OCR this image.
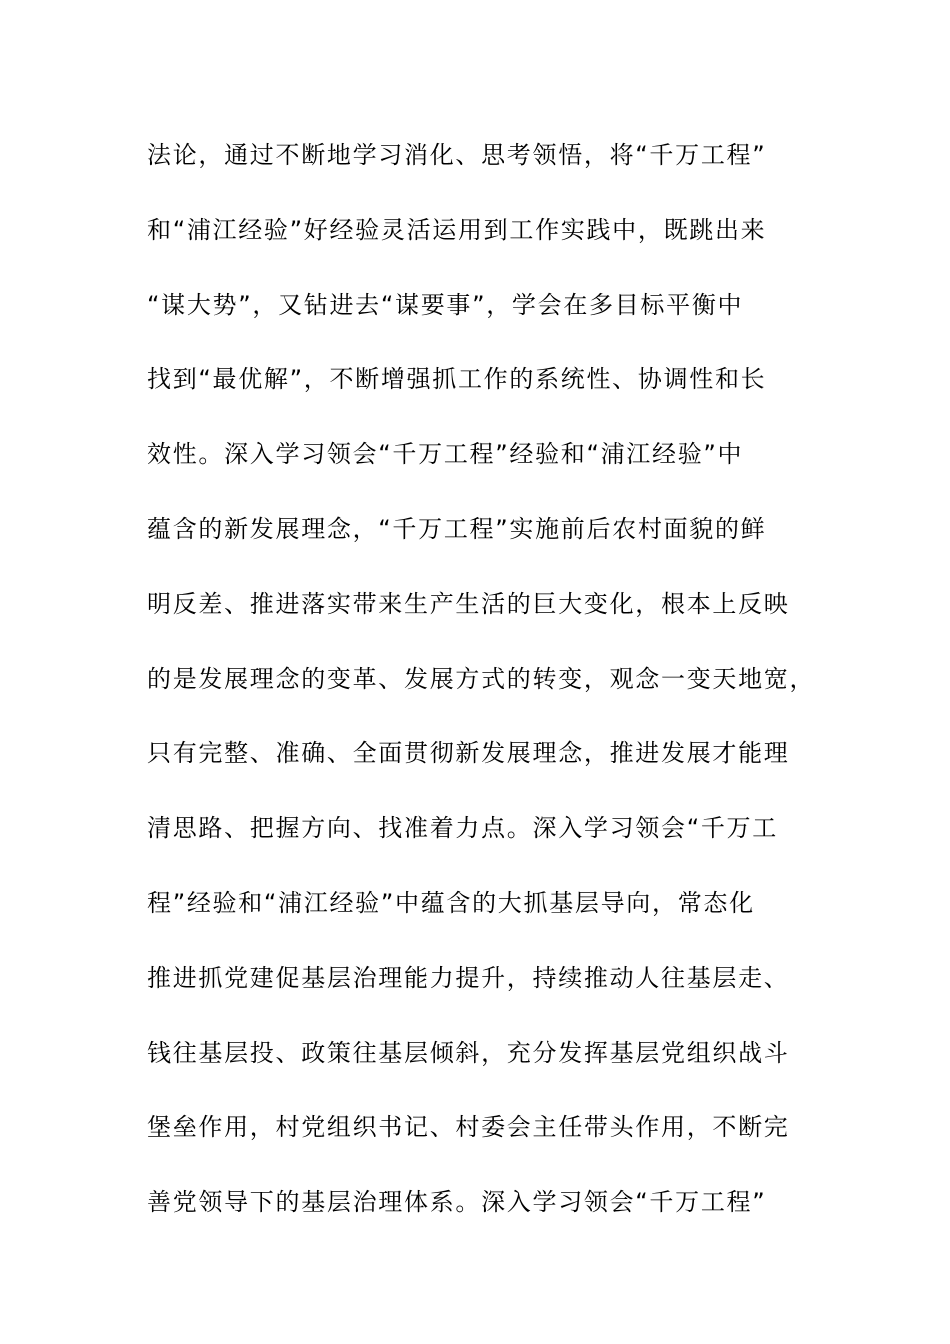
法论，通过不断地学习消化、思考领悟，将“千万工程”
和“浦江经验”好经验灵活运用到工作实践中，既跳出来
“谋大势”，又钻进去“谋要事”，学会在多目标平衡中
找到“最优解”，不断增强抓工作的系统性、协调性和长
效性。深入学习领会“千万工程”经验和“浦江经验”中
蕴含的新发展理念，“千万工程”实施前后农村面貌的鲜
明反差、推进落实带来生产生活的巨大变化，根本上反映
的是发展理念的变革、发展方式的转变，观念一变天地宽，
只有完整、准确、全面贯彻新发展理念，推进发展才能理
清思路、把握方向、找准着力点。深入学习领会“千万工
程”经验和“浦江经验”中蕴含的大抓基层导向，常态化
推进抓党建促基层治理能力提升，持续推动人往基层走、
钱往基层投、政策往基层倾斜，充分发挥基层党组织战斗
堡垒作用，村党组织书记、村委会主任带头作用，不断完
善党领导下的基层治理体系。深入学习领会“千万工程”
